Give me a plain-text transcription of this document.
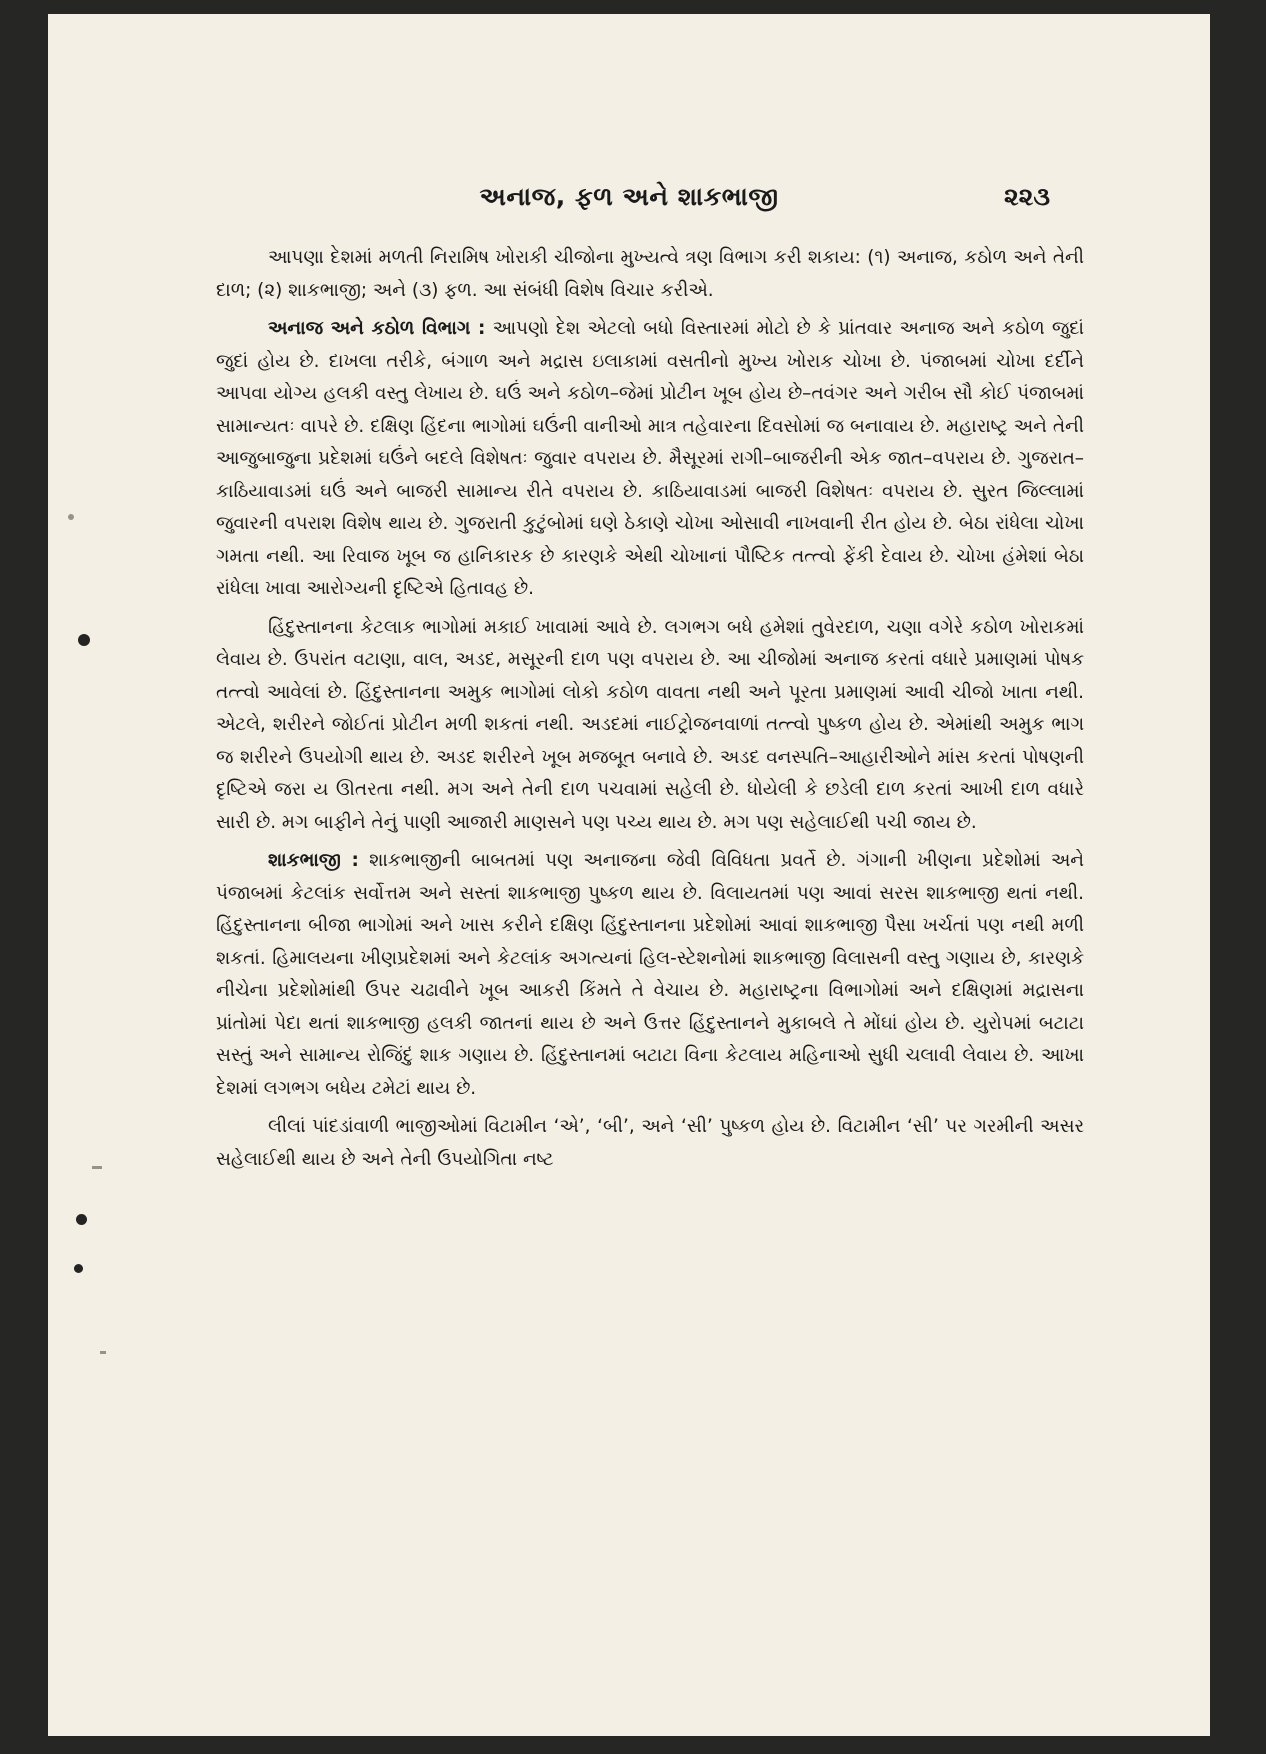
અનાજ, ફળ અને શાકભાજી	૨૨૩

આપણા દેશમાં મળતી નિરામિષ ખોરાકી ચીજોના મુખ્યત્વે ત્રણ વિભાગ કરી શકાય: (૧) અનાજ, કઠોળ અને તેની દાળ; (૨) શાકભાજી; અને (૩) ફળ. આ સંબંધી વિશેષ વિચાર કરીએ.

અનાજ અને કઠોળ વિભાગ : આપણો દેશ એટલો બધો વિસ્તારમાં મોટો છે કે પ્રાંતવાર અનાજ અને કઠોળ જુદાં જુદાં હોય છે. દાખલા તરીકે, બંગાળ અને મદ્રાસ ઇલાકામાં વસતીનો મુખ્ય ખોરાક ચોખા છે. પંજાબમાં ચોખા દર્દીને આપવા યોગ્ય હલકી વસ્તુ લેખાય છે. ઘઉં અને કઠોળ–જેમાં પ્રોટીન ખૂબ હોય છે–તવંગર અને ગરીબ સૌ કોઈ પંજાબમાં સામાન્યતઃ વાપરે છે. દક્ષિણ હિંદના ભાગોમાં ઘઉંની વાનીઓ માત્ર તહેવારના દિવસોમાં જ બનાવાય છે. મહારાષ્ટ્ર અને તેની આજુબાજુના પ્રદેશમાં ઘઉંને બદલે વિશેષતઃ જુવાર વપરાય છે. મૈસૂરમાં રાગી–બાજરીની એક જાત–વપરાય છે. ગુજરાત–કાઠિયાવાડમાં ઘઉં અને બાજરી સામાન્ય રીતે વપરાય છે. કાઠિયાવાડમાં બાજરી વિશેષતઃ વપરાય છે. સુરત જિલ્લામાં જુવારની વપરાશ વિશેષ થાય છે. ગુજરાતી કુટુંબોમાં ઘણે ઠેકાણે ચોખા ઓસાવી નાખવાની રીત હોય છે. બેઠા રાંધેલા ચોખા ગમતા નથી. આ રિવાજ ખૂબ જ હાનિકારક છે કારણકે એથી ચોખાનાં પૌષ્ટિક તત્ત્વો ફેંકી દેવાય છે. ચોખા હંમેશાં બેઠા રાંધેલા ખાવા આરોગ્યની દૃષ્ટિએ હિતાવહ છે.

હિંદુસ્તાનના કેટલાક ભાગોમાં મકાઈ ખાવામાં આવે છે. લગભગ બધે હમેશાં તુવેરદાળ, ચણા વગેરે કઠોળ ખોરાકમાં લેવાય છે. ઉપરાંત વટાણા, વાલ, અડદ, મસૂરની દાળ પણ વપરાય છે. આ ચીજોમાં અનાજ કરતાં વધારે પ્રમાણમાં પોષક તત્ત્વો આવેલાં છે. હિંદુસ્તાનના અમુક ભાગોમાં લોકો કઠોળ વાવતા નથી અને પૂરતા પ્રમાણમાં આવી ચીજો ખાતા નથી. એટલે, શરીરને જોઈતાં પ્રોટીન મળી શકતાં નથી. અડદમાં નાઈટ્રોજનવાળાં તત્ત્વો પુષ્કળ હોય છે. એમાંથી અમુક ભાગ જ શરીરને ઉપયોગી થાય છે. અડદ શરીરને ખૂબ મજબૂત બનાવે છે. અડદ વનસ્પતિ–આહારીઓને માંસ કરતાં પોષણની દૃષ્ટિએ જરા ય ઊતરતા નથી. મગ અને તેની દાળ પચવામાં સહેલી છે. ધોયેલી કે છડેલી દાળ કરતાં આખી દાળ વધારે સારી છે. મગ બાફીને તેનું પાણી આજારી માણસને પણ પચ્ય થાય છે. મગ પણ સહેલાઈથી પચી જાય છે.

શાકભાજી : શાકભાજીની બાબતમાં પણ અનાજના જેવી વિવિધતા પ્રવર્તે છે. ગંગાની ખીણના પ્રદેશોમાં અને પંજાબમાં કેટલાંક સર્વોત્તમ અને સસ્તાં શાકભાજી પુષ્કળ થાય છે. વિલાયતમાં પણ આવાં સરસ શાકભાજી થતાં નથી. હિંદુસ્તાનના બીજા ભાગોમાં અને ખાસ કરીને દક્ષિણ હિંદુસ્તાનના પ્રદેશોમાં આવાં શાકભાજી પૈસા ખર્ચતાં પણ નથી મળી શકતાં. હિમાલયના ખીણપ્રદેશમાં અને કેટલાંક અગત્યનાં હિલ-સ્ટેશનોમાં શાકભાજી વિલાસની વસ્તુ ગણાય છે, કારણકે નીચેના પ્રદેશોમાંથી ઉપર ચઢાવીને ખૂબ આકરી કિંમતે તે વેચાય છે. મહારાષ્ટ્રના વિભાગોમાં અને દક્ષિણમાં મદ્રાસના પ્રાંતોમાં પેદા થતાં શાકભાજી હલકી જાતનાં થાય છે અને ઉત્તર હિંદુસ્તાનને મુકાબલે તે મોંઘાં હોય છે. યુરોપમાં બટાટા સસ્તું અને સામાન્ય રોજિંદું શાક ગણાય છે. હિંદુસ્તાનમાં બટાટા વિના કેટલાય મહિનાઓ સુધી ચલાવી લેવાય છે. આખા દેશમાં લગભગ બધેય ટમેટાં થાય છે.

લીલાં પાંદડાંવાળી ભાજીઓમાં વિટામીન ‘એ’, ‘બી’, અને ‘સી’ પુષ્કળ હોય છે. વિટામીન ‘સી’ પર ગરમીની અસર સહેલાઈથી થાય છે અને તેની ઉપયોગિતા નષ્ટ
